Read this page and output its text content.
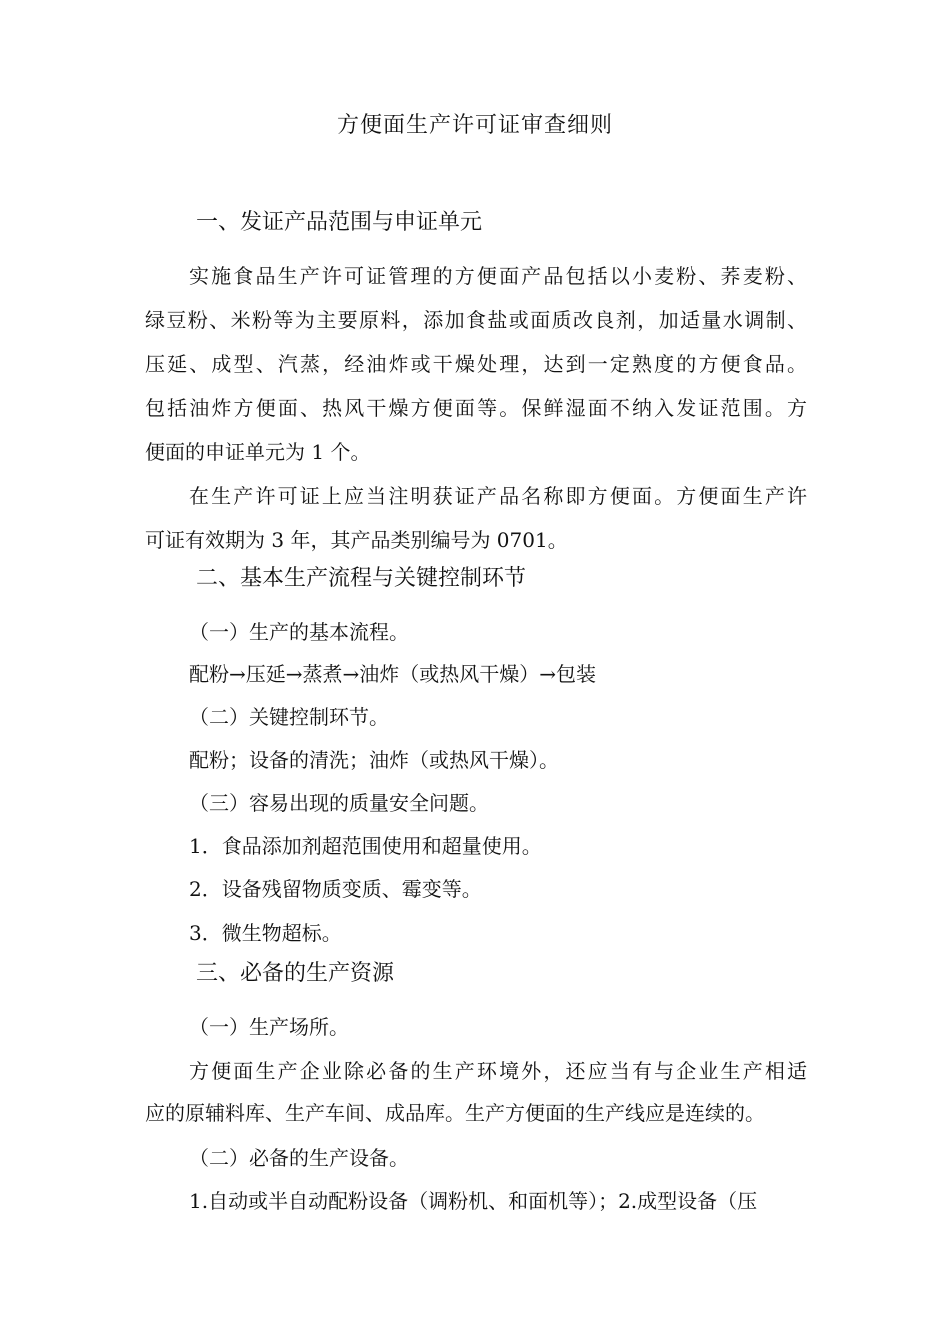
方便面生产许可证审查细则
一、发证产品范围与申证单元
实施食品生产许可证管理的方便面产品包括以小麦粉、荞麦粉、
绿豆粉、米粉等为主要原料，添加食盐或面质改良剂，加适量水调制、
压延、成型、汽蒸，经油炸或干燥处理，达到一定熟度的方便食品。
包括油炸方便面、热风干燥方便面等。保鲜湿面不纳入发证范围。方
便面的申证单元为 1 个。
在生产许可证上应当注明获证产品名称即方便面。方便面生产许
可证有效期为 3 年，其产品类别编号为 0701。
二、基本生产流程与关键控制环节
（一）生产的基本流程。
配粉→压延→蒸煮→油炸（或热风干燥）→包装
（二）关键控制环节。
配粉；设备的清洗；油炸（或热风干燥）。
（三）容易出现的质量安全问题。
1．食品添加剂超范围使用和超量使用。
2．设备残留物质变质、霉变等。
3．微生物超标。
三、必备的生产资源
（一）生产场所。
方便面生产企业除必备的生产环境外，还应当有与企业生产相适
应的原辅料库、生产车间、成品库。生产方便面的生产线应是连续的。
（二）必备的生产设备。
1.自动或半自动配粉设备（调粉机、和面机等）；2.成型设备（压
